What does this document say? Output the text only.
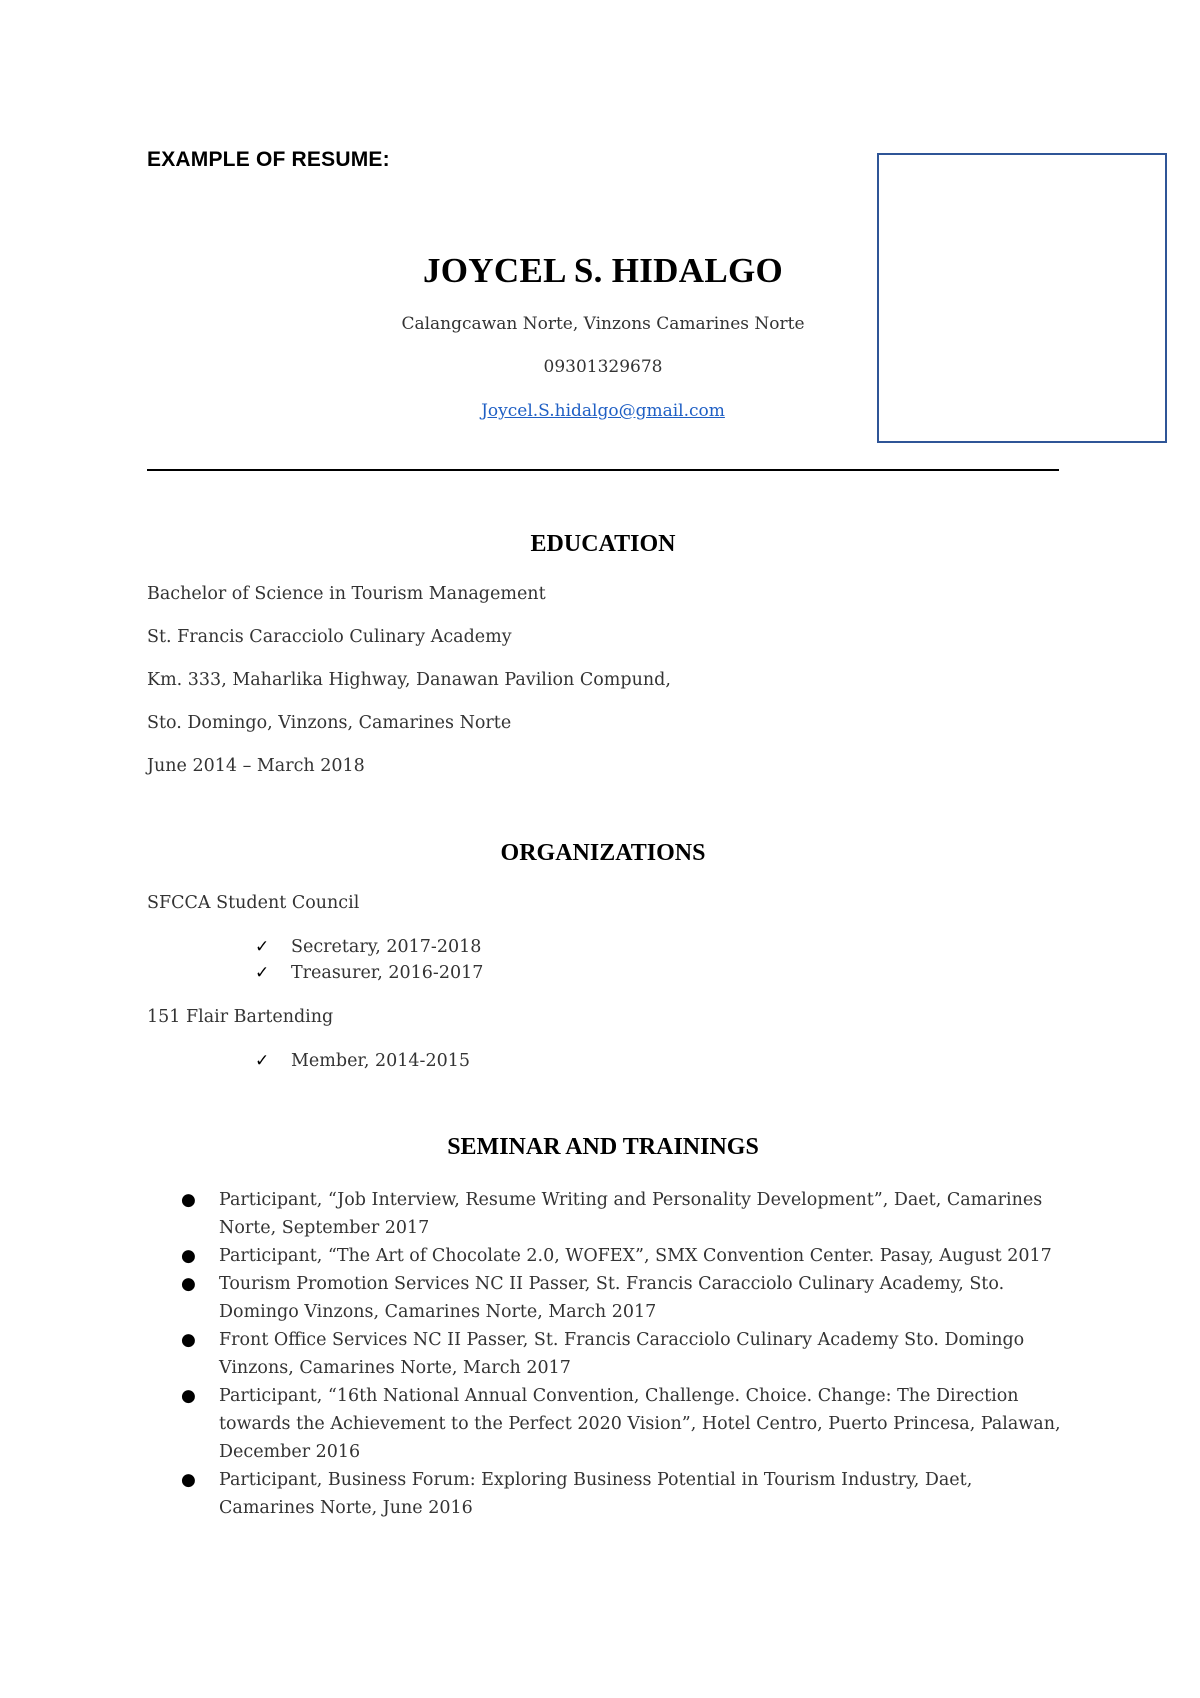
EXAMPLE OF RESUME:
JOYCEL S. HIDALGO
Calangcawan Norte, Vinzons Camarines Norte
09301329678
Joycel.S.hidalgo@gmail.com
EDUCATION
Bachelor of Science in Tourism Management
St. Francis Caracciolo Culinary Academy
Km. 333, Maharlika Highway, Danawan Pavilion Compund,
Sto. Domingo, Vinzons, Camarines Norte
June 2014 – March 2018
ORGANIZATIONS
SFCCA Student Council
✓ Secretary, 2017-2018
✓ Treasurer, 2016-2017
151 Flair Bartending
✓ Member, 2014-2015
SEMINAR AND TRAININGS
● Participant, “Job Interview, Resume Writing and Personality Development”, Daet, Camarines Norte, September 2017
● Participant, “The Art of Chocolate 2.0, WOFEX”, SMX Convention Center. Pasay, August 2017
● Tourism Promotion Services NC II Passer, St. Francis Caracciolo Culinary Academy, Sto. Domingo Vinzons, Camarines Norte, March 2017
● Front Office Services NC II Passer, St. Francis Caracciolo Culinary Academy Sto. Domingo Vinzons, Camarines Norte, March 2017
● Participant, “16th National Annual Convention, Challenge. Choice. Change: The Direction towards the Achievement to the Perfect 2020 Vision”, Hotel Centro, Puerto Princesa, Palawan, December 2016
● Participant, Business Forum: Exploring Business Potential in Tourism Industry, Daet, Camarines Norte, June 2016
